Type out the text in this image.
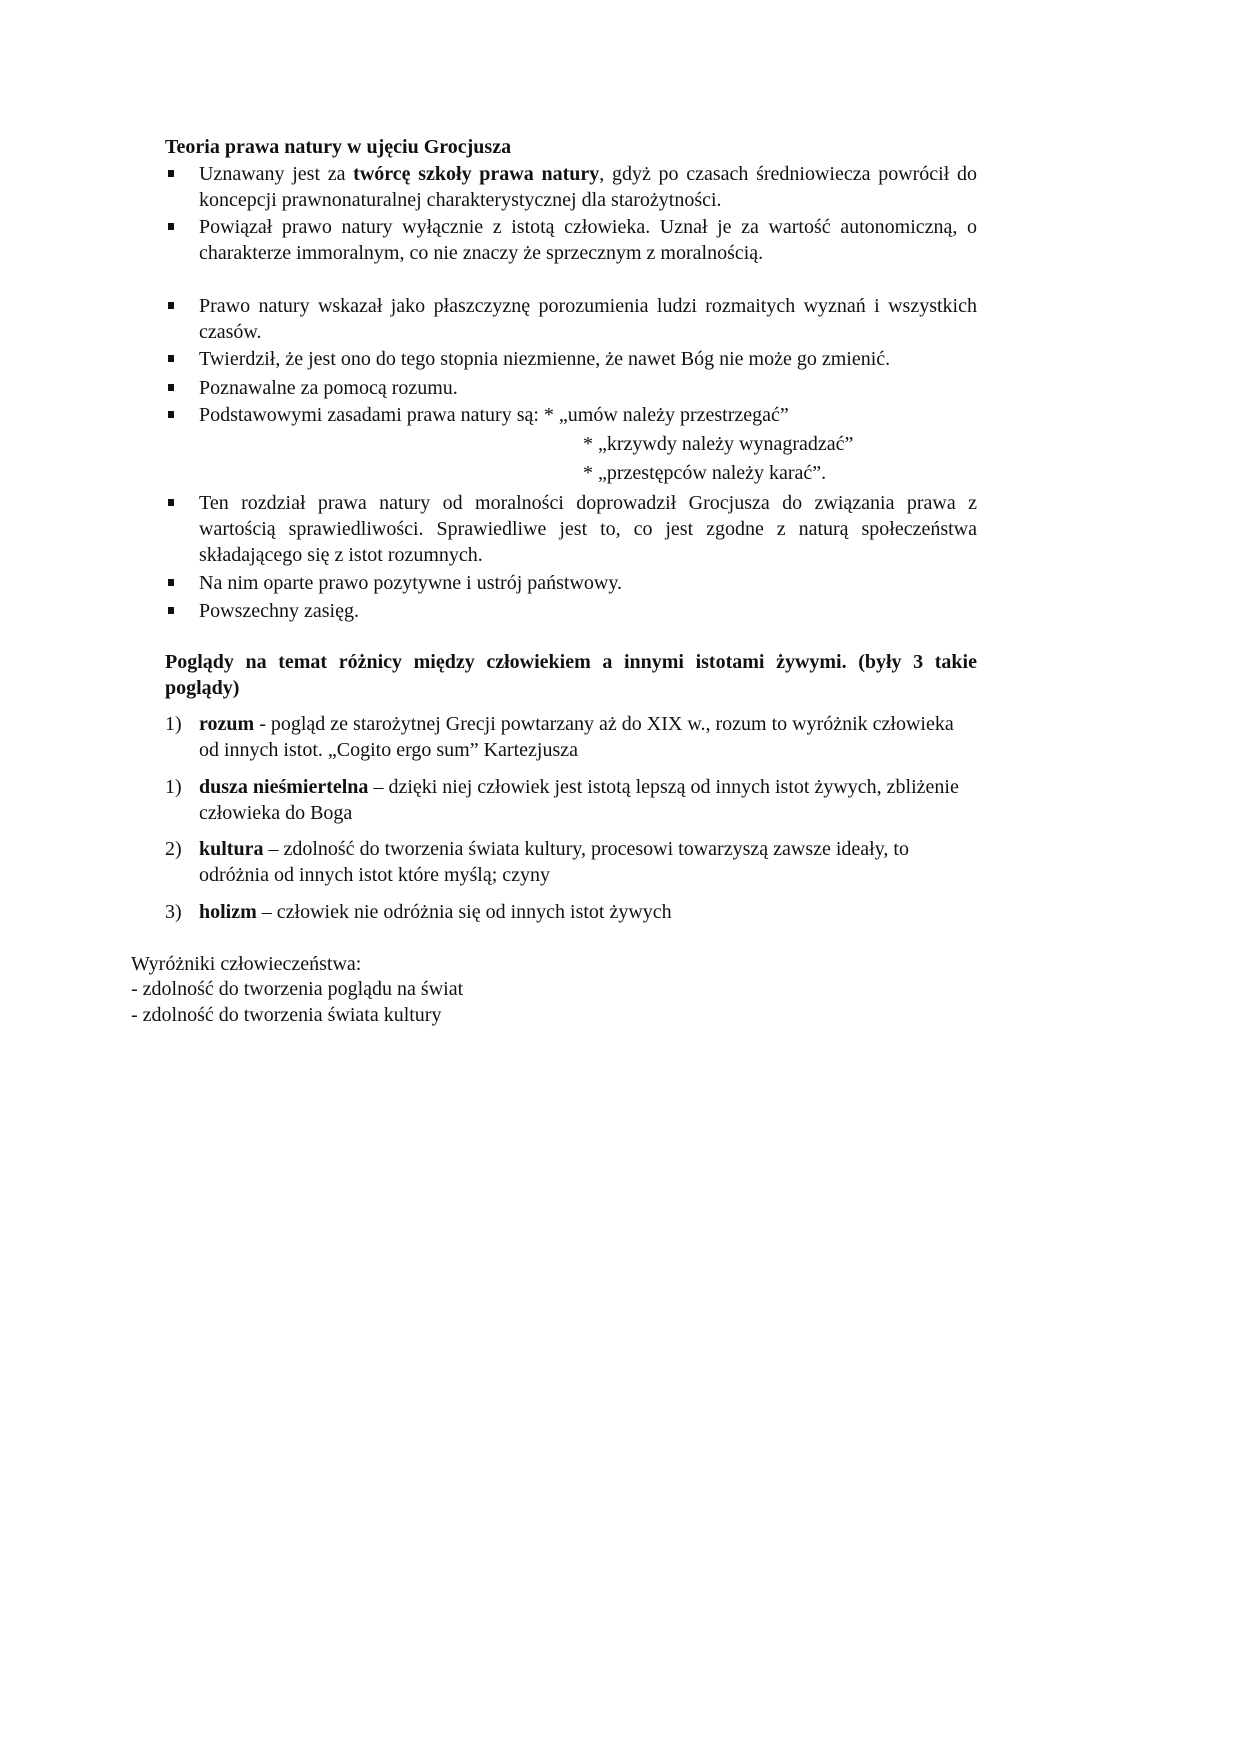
Teoria prawa natury w ujęciu Grocjusza
Uznawany jest za twórcę szkoły prawa natury, gdyż po czasach średniowiecza powrócił do koncepcji prawnonaturalnej charakterystycznej dla starożytności.
Powiązał prawo natury wyłącznie z istotą człowieka. Uznał je za wartość autonomiczną, o charakterze immoralnym, co nie znaczy że sprzecznym z moralnością.
Prawo natury wskazał jako płaszczyznę porozumienia ludzi rozmaitych wyznań i wszystkich czasów.
Twierdził, że jest ono do tego stopnia niezmienne, że nawet Bóg nie może go zmienić.
Poznawalne za pomocą rozumu.
Podstawowymi zasadami prawa natury są: * „umów należy przestrzegać”
* „krzywdy należy wynagradzać”
* „przestępców należy karać”.
Ten rozdział prawa natury od moralności doprowadził Grocjusza do związania prawa z wartością sprawiedliwości. Sprawiedliwe jest to, co jest zgodne z naturą społeczeństwa składającego się z istot rozumnych.
Na nim oparte prawo pozytywne i ustrój państwowy.
Powszechny zasięg.
Poglądy na temat różnicy między człowiekiem a innymi istotami żywymi. (były 3 takie poglądy)
1) rozum - pogląd ze starożytnej Grecji powtarzany aż do XIX w., rozum to wyróżnik człowieka od innych istot. „Cogito ergo sum” Kartezjusza
1) dusza nieśmiertelna – dzięki niej człowiek jest istotą lepszą od innych istot żywych, zbliżenie człowieka do Boga
2) kultura – zdolność do tworzenia świata kultury, procesowi towarzyszą zawsze ideały, to odróżnia od innych istot które myślą; czyny
3) holizm – człowiek nie odróżnia się od innych istot żywych
Wyróżniki człowieczeństwa:
- zdolność do tworzenia poglądu na świat
- zdolność do tworzenia świata kultury
